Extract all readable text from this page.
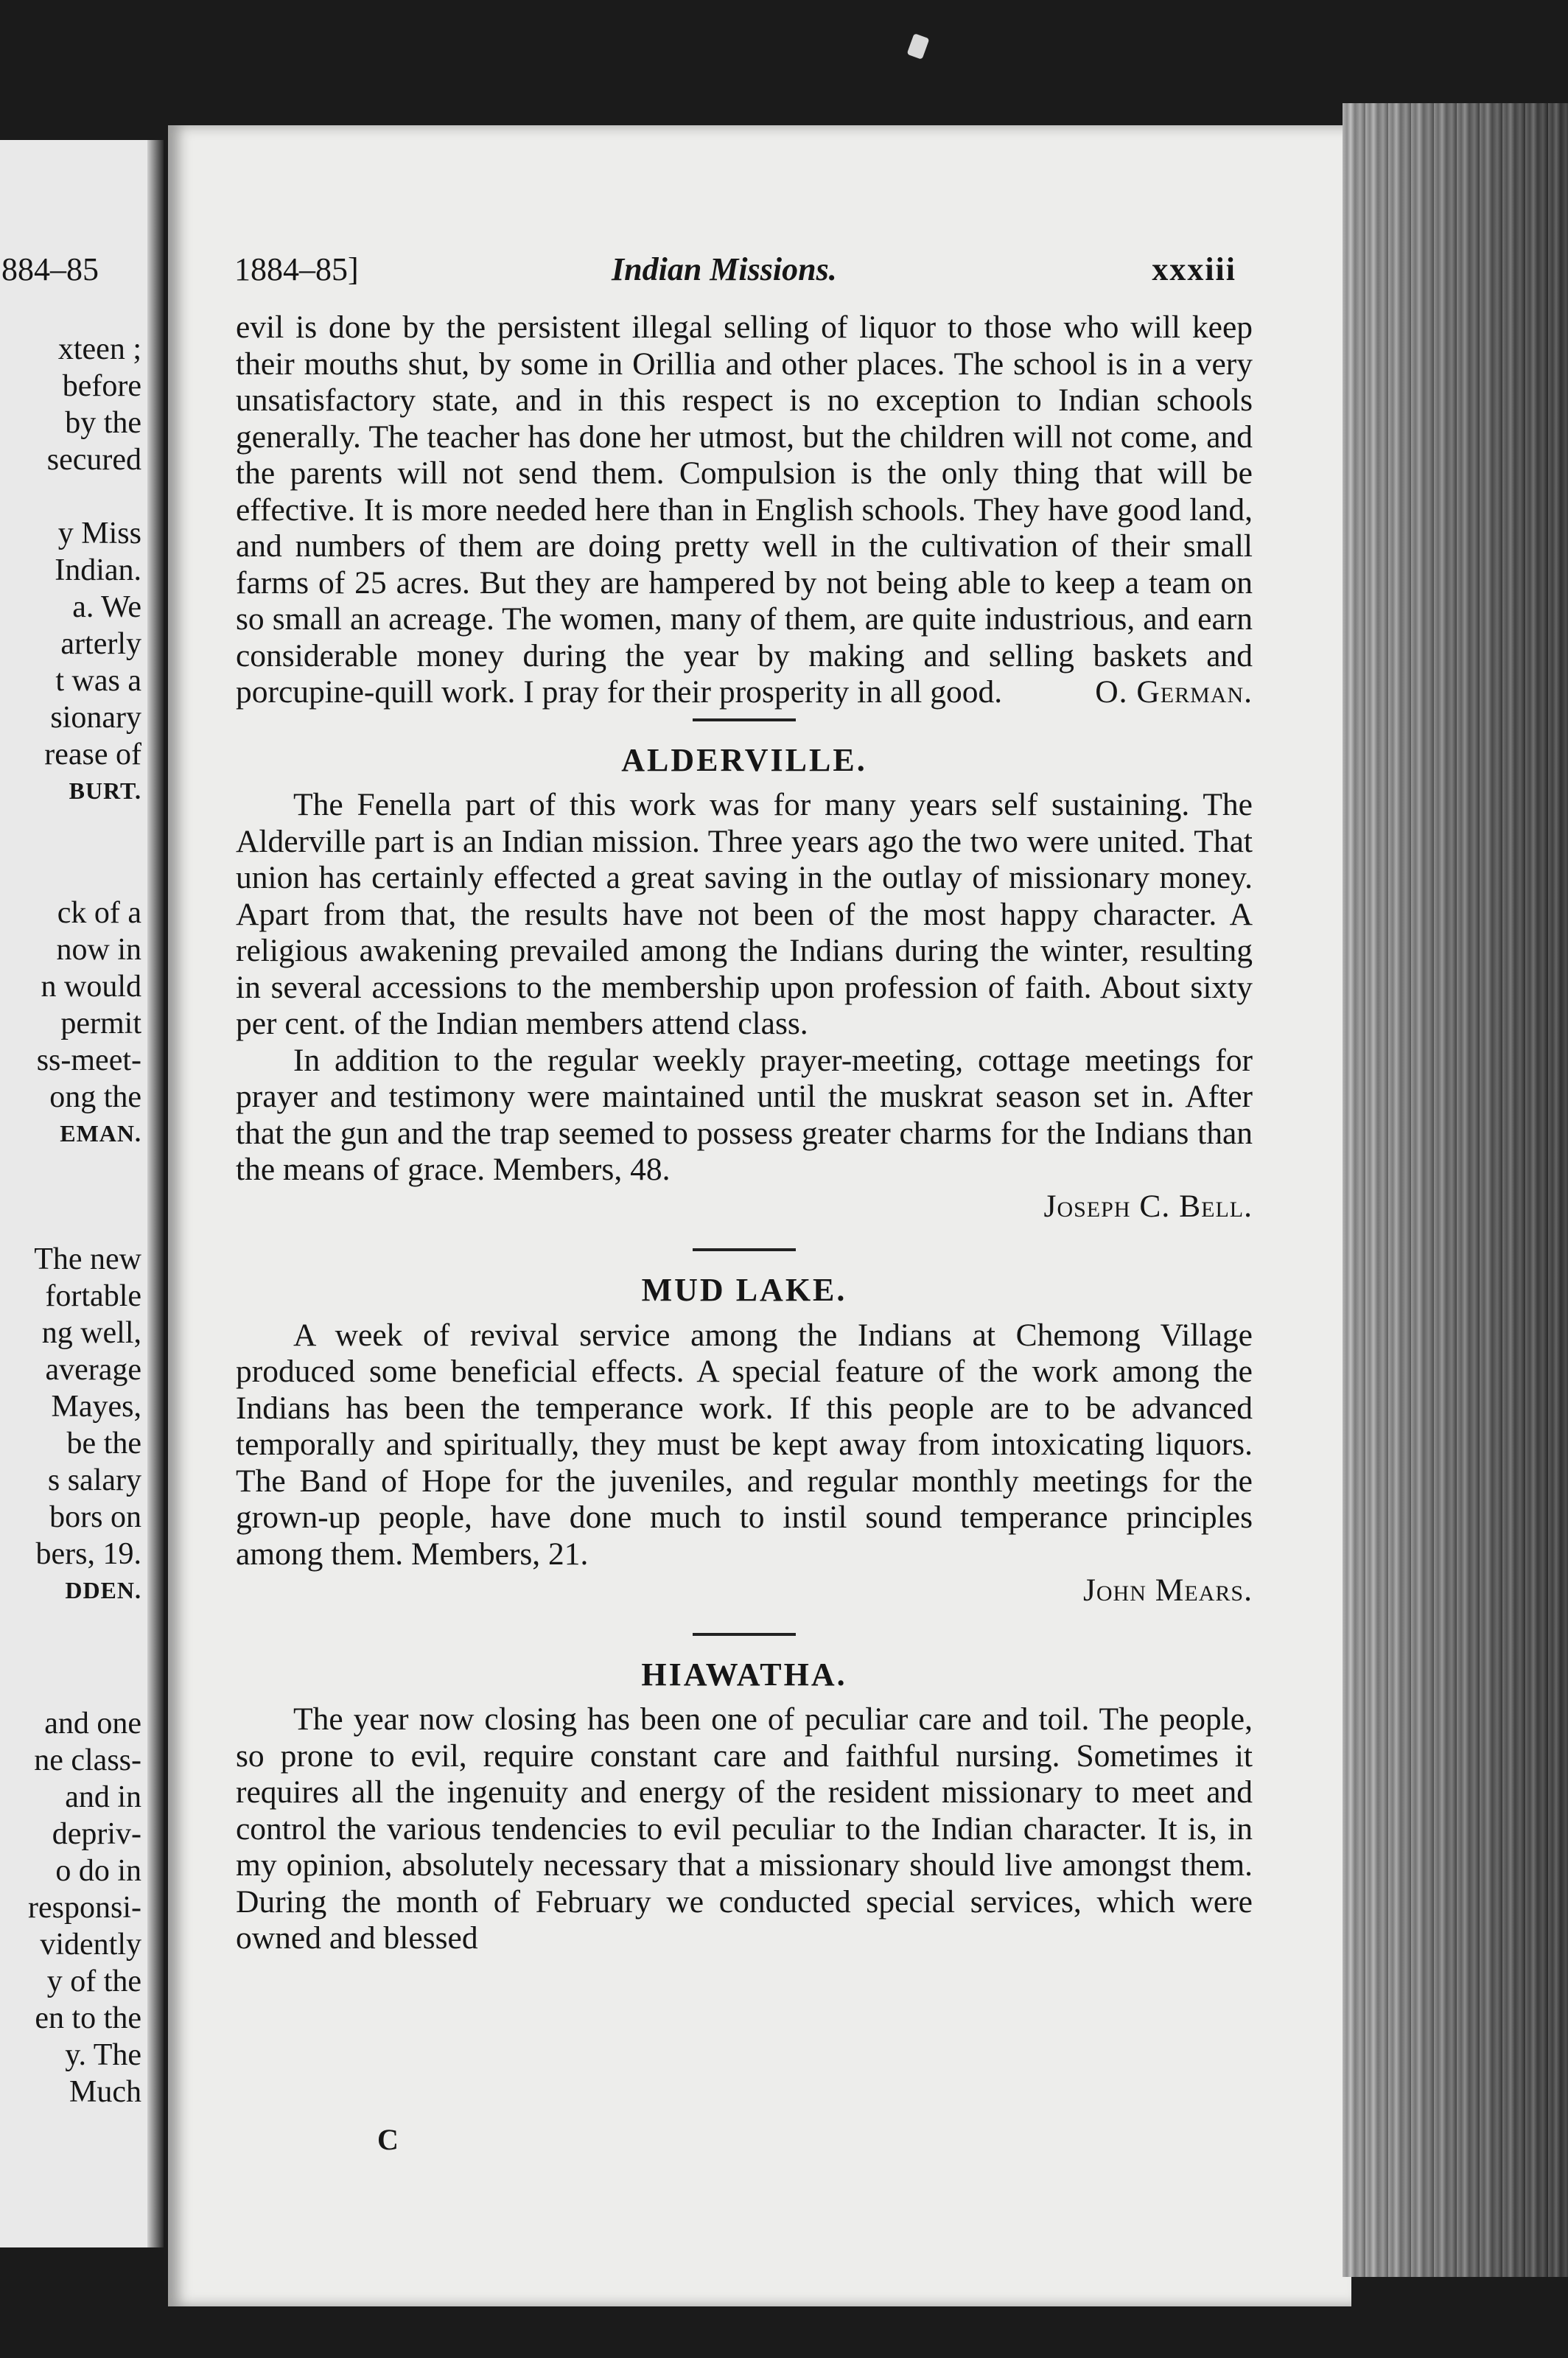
884–85
xteen ;
before
by the
secured
y Miss
Indian.
a. We
arterly
t was a
sionary
rease of
BURT.
ck of a
now in
n would
permit
ss-meet-
ong the
EMAN.
The new
fortable
ng well,
average
Mayes,
be the
s salary
bors on
bers, 19.
DDEN.
and one
ne class-
and in
depriv-
o do in
responsi-
vidently
y of the
en to the
y. The
Much
1884–85]	Indian Missions.	xxxiii

evil is done by the persistent illegal selling of liquor to those who will keep their mouths shut, by some in Orillia and other places. The school is in a very unsatisfactory state, and in this respect is no exception to Indian schools generally. The teacher has done her utmost, but the children will not come, and the parents will not send them. Compulsion is the only thing that will be effective. It is more needed here than in English schools. They have good land, and numbers of them are doing pretty well in the cultivation of their small farms of 25 acres. But they are hampered by not being able to keep a team on so small an acreage. The women, many of them, are quite industrious, and earn considerable money during the year by making and selling baskets and porcupine-quill work. I pray for their prosperity in all good.	O. German.

ALDERVILLE.

The Fenella part of this work was for many years self sustaining. The Alderville part is an Indian mission. Three years ago the two were united. That union has certainly effected a great saving in the outlay of missionary money. Apart from that, the results have not been of the most happy character. A religious awakening prevailed among the Indians during the winter, resulting in several accessions to the membership upon profession of faith. About sixty per cent. of the Indian members attend class.

In addition to the regular weekly prayer-meeting, cottage meetings for prayer and testimony were maintained until the muskrat season set in. After that the gun and the trap seemed to possess greater charms for the Indians than the means of grace. Members, 48.

Joseph C. Bell.

MUD LAKE.

A week of revival service among the Indians at Chemong Village produced some beneficial effects. A special feature of the work among the Indians has been the temperance work. If this people are to be advanced temporally and spiritually, they must be kept away from intoxicating liquors. The Band of Hope for the juveniles, and regular monthly meetings for the grown-up people, have done much to instil sound temperance principles among them. Members, 21.

John Mears.

HIAWATHA.

The year now closing has been one of peculiar care and toil. The people, so prone to evil, require constant care and faithful nursing. Sometimes it requires all the ingenuity and energy of the resident missionary to meet and control the various tendencies to evil peculiar to the Indian character. It is, in my opinion, absolutely necessary that a missionary should live amongst them. During the month of February we conducted special services, which were owned and blessed

C
